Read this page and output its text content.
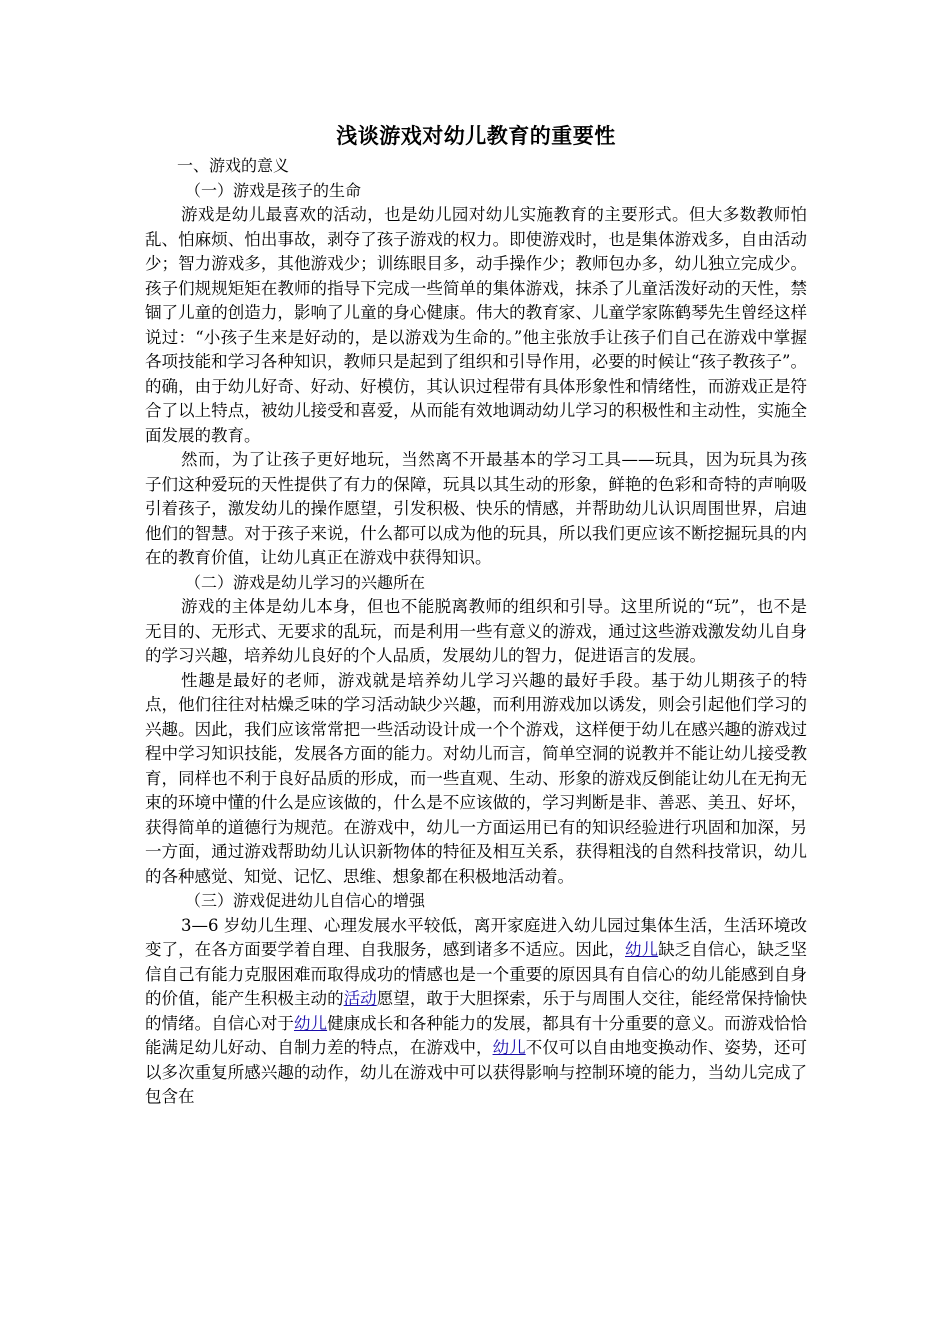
浅谈游戏对幼儿教育的重要性

一、游戏的意义

（一）游戏是孩子的生命

游戏是幼儿最喜欢的活动，也是幼儿园对幼儿实施教育的主要形式。但大多数教师怕乱、怕麻烦、怕出事故，剥夺了孩子游戏的权力。即使游戏时，也是集体游戏多，自由活动少；智力游戏多，其他游戏少；训练眼目多，动手操作少；教师包办多，幼儿独立完成少。孩子们规规矩矩在教师的指导下完成一些简单的集体游戏，抹杀了儿童活泼好动的天性，禁锢了儿童的创造力，影响了儿童的身心健康。伟大的教育家、儿童学家陈鹤琴先生曾经这样说过：“小孩子生来是好动的，是以游戏为生命的。”他主张放手让孩子们自己在游戏中掌握各项技能和学习各种知识，教师只是起到了组织和引导作用，必要的时候让“孩子教孩子”。的确，由于幼儿好奇、好动、好模仿，其认识过程带有具体形象性和情绪性，而游戏正是符合了以上特点，被幼儿接受和喜爱，从而能有效地调动幼儿学习的积极性和主动性，实施全面发展的教育。

然而，为了让孩子更好地玩，当然离不开最基本的学习工具——玩具，因为玩具为孩子们这种爱玩的天性提供了有力的保障，玩具以其生动的形象，鲜艳的色彩和奇特的声响吸引着孩子，激发幼儿的操作愿望，引发积极、快乐的情感，并帮助幼儿认识周围世界，启迪他们的智慧。对于孩子来说，什么都可以成为他的玩具，所以我们更应该不断挖掘玩具的内在的教育价值，让幼儿真正在游戏中获得知识。

（二）游戏是幼儿学习的兴趣所在

游戏的主体是幼儿本身，但也不能脱离教师的组织和引导。这里所说的“玩”，也不是无目的、无形式、无要求的乱玩，而是利用一些有意义的游戏，通过这些游戏激发幼儿自身的学习兴趣，培养幼儿良好的个人品质，发展幼儿的智力，促进语言的发展。

性趣是最好的老师，游戏就是培养幼儿学习兴趣的最好手段。基于幼儿期孩子的特点，他们往往对枯燥乏味的学习活动缺少兴趣，而利用游戏加以诱发，则会引起他们学习的兴趣。因此，我们应该常常把一些活动设计成一个个游戏，这样便于幼儿在感兴趣的游戏过程中学习知识技能，发展各方面的能力。对幼儿而言，简单空洞的说教并不能让幼儿接受教育，同样也不利于良好品质的形成，而一些直观、生动、形象的游戏反倒能让幼儿在无拘无束的环境中懂的什么是应该做的，什么是不应该做的，学习判断是非、善恶、美丑、好坏，获得简单的道德行为规范。在游戏中，幼儿一方面运用已有的知识经验进行巩固和加深，另一方面，通过游戏帮助幼儿认识新物体的特征及相互关系，获得粗浅的自然科技常识，幼儿的各种感觉、知觉、记忆、思维、想象都在积极地活动着。

（三）游戏促进幼儿自信心的增强

3—6 岁幼儿生理、心理发展水平较低，离开家庭进入幼儿园过集体生活，生活环境改变了，在各方面要学着自理、自我服务，感到诸多不适应。因此，幼儿缺乏自信心，缺乏坚信自己有能力克服困难而取得成功的情感也是一个重要的原因具有自信心的幼儿能感到自身的价值，能产生积极主动的活动愿望，敢于大胆探索，乐于与周围人交往，能经常保持愉快的情绪。自信心对于幼儿健康成长和各种能力的发展，都具有十分重要的意义。而游戏恰恰能满足幼儿好动、自制力差的特点，在游戏中，幼儿不仅可以自由地变换动作、姿势，还可以多次重复所感兴趣的动作，幼儿在游戏中可以获得影响与控制环境的能力，当幼儿完成了包含在
